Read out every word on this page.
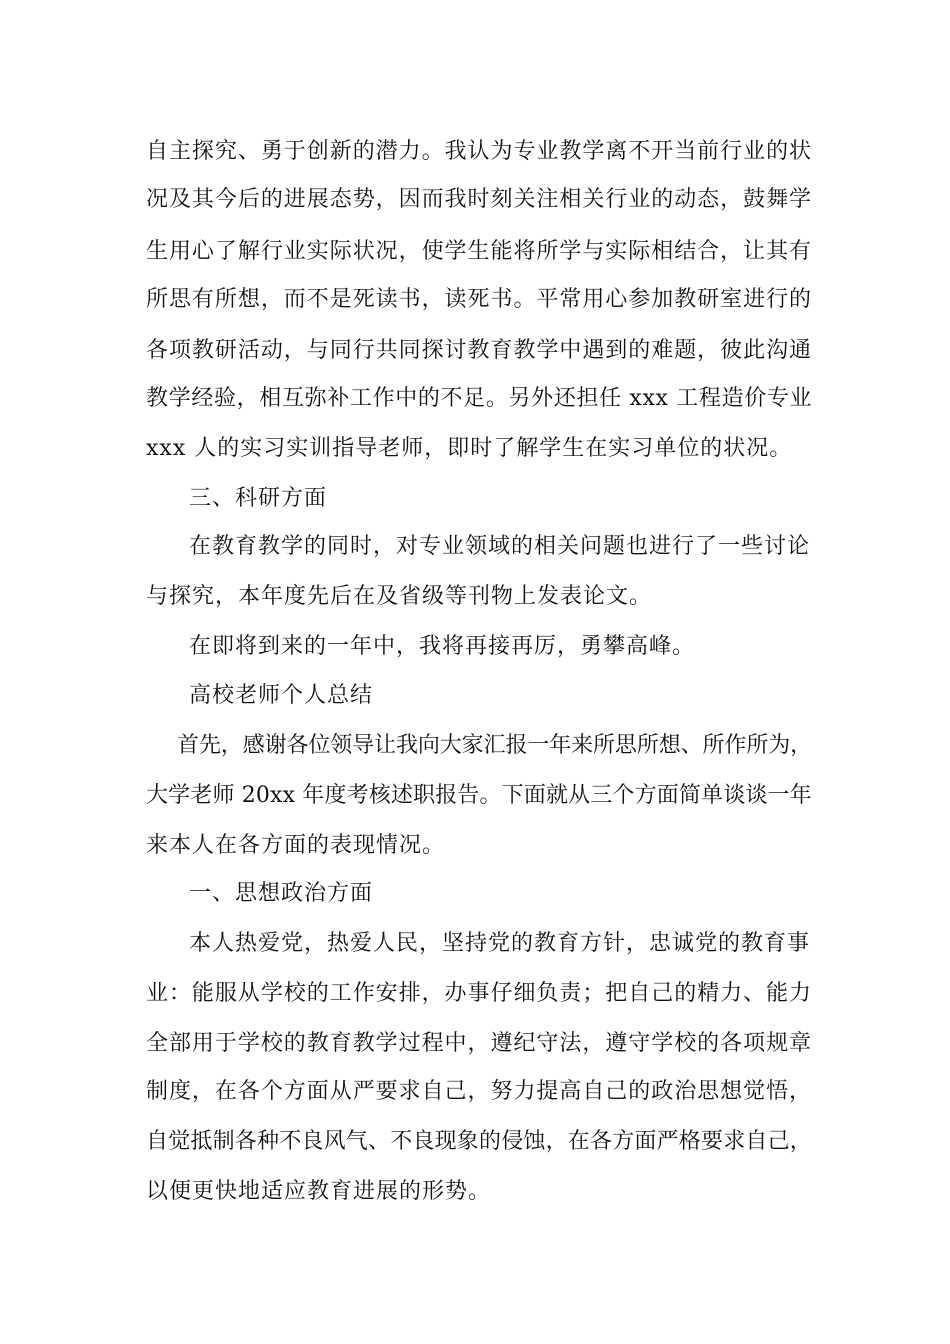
自主探究、勇于创新的潜力。我认为专业教学离不开当前行业的状
况及其今后的进展态势，因而我时刻关注相关行业的动态，鼓舞学
生用心了解行业实际状况，使学生能将所学与实际相结合，让其有
所思有所想，而不是死读书，读死书。平常用心参加教研室进行的
各项教研活动，与同行共同探讨教育教学中遇到的难题，彼此沟通
教学经验，相互弥补工作中的不足。另外还担任 xxx 工程造价专业
xxx 人的实习实训指导老师，即时了解学生在实习单位的状况。
三、科研方面
在教育教学的同时，对专业领域的相关问题也进行了一些讨论
与探究，本年度先后在及省级等刊物上发表论文。
在即将到来的一年中，我将再接再厉，勇攀高峰。
高校老师个人总结
首先，感谢各位领导让我向大家汇报一年来所思所想、所作所为，
大学老师 20xx 年度考核述职报告。下面就从三个方面简单谈谈一年
来本人在各方面的表现情况。
一、思想政治方面
本人热爱党，热爱人民，坚持党的教育方针，忠诚党的教育事
业：能服从学校的工作安排，办事仔细负责；把自己的精力、能力
全部用于学校的教育教学过程中，遵纪守法，遵守学校的各项规章
制度，在各个方面从严要求自己，努力提高自己的政治思想觉悟，
自觉抵制各种不良风气、不良现象的侵蚀，在各方面严格要求自己，
以便更快地适应教育进展的形势。
